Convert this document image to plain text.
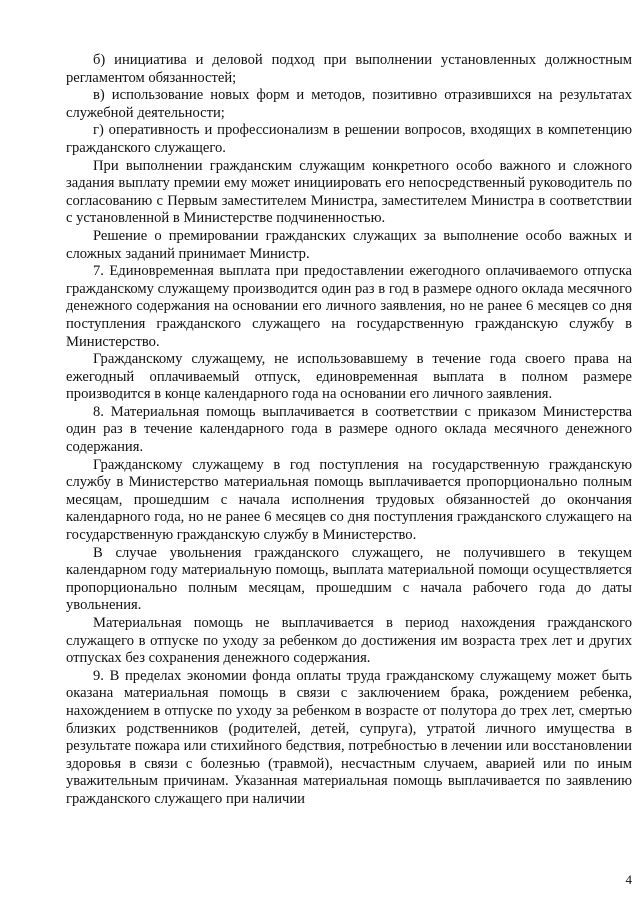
б) инициатива и деловой подход при выполнении установленных должностным регламентом обязанностей;

в) использование новых форм и методов, позитивно отразившихся на результатах служебной деятельности;

г) оперативность и профессионализм в решении вопросов, входящих в компетенцию гражданского служащего.

При выполнении гражданским служащим конкретного особо важного и сложного задания выплату премии ему может инициировать его непосредственный руководитель по согласованию с Первым заместителем Министра, заместителем Министра в соответствии с установленной в Министерстве подчиненностью.

Решение о премировании гражданских служащих за выполнение особо важных и сложных заданий принимает Министр.

7. Единовременная выплата при предоставлении ежегодного оплачиваемого отпуска гражданскому служащему производится один раз в год в размере одного оклада месячного денежного содержания на основании его личного заявления, но не ранее 6 месяцев со дня поступления гражданского служащего на государственную гражданскую службу в Министерство.

Гражданскому служащему, не использовавшему в течение года своего права на ежегодный оплачиваемый отпуск, единовременная выплата в полном размере производится в конце календарного года на основании его личного заявления.

8. Материальная помощь выплачивается в соответствии с приказом Министерства один раз в течение календарного года в размере одного оклада месячного денежного содержания.

Гражданскому служащему в год поступления на государственную гражданскую службу в Министерство материальная помощь выплачивается пропорционально полным месяцам, прошедшим с начала исполнения трудовых обязанностей до окончания календарного года, но не ранее 6 месяцев со дня поступления гражданского служащего на государственную гражданскую службу в Министерство.

В случае увольнения гражданского служащего, не получившего в текущем календарном году материальную помощь, выплата материальной помощи осуществляется пропорционально полным месяцам, прошедшим с начала рабочего года до даты увольнения.

Материальная помощь не выплачивается в период нахождения гражданского служащего в отпуске по уходу за ребенком до достижения им возраста трех лет и других отпусках без сохранения денежного содержания.

9. В пределах экономии фонда оплаты труда гражданскому служащему может быть оказана материальная помощь в связи с заключением брака, рождением ребенка, нахождением в отпуске по уходу за ребенком в возрасте от полутора до трех лет, смертью близких родственников (родителей, детей, супруга), утратой личного имущества в результате пожара или стихийного бедствия, потребностью в лечении или восстановлении здоровья в связи с болезнью (травмой), несчастным случаем, аварией или по иным уважительным причинам. Указанная материальная помощь выплачивается по заявлению гражданского служащего при наличии

4
